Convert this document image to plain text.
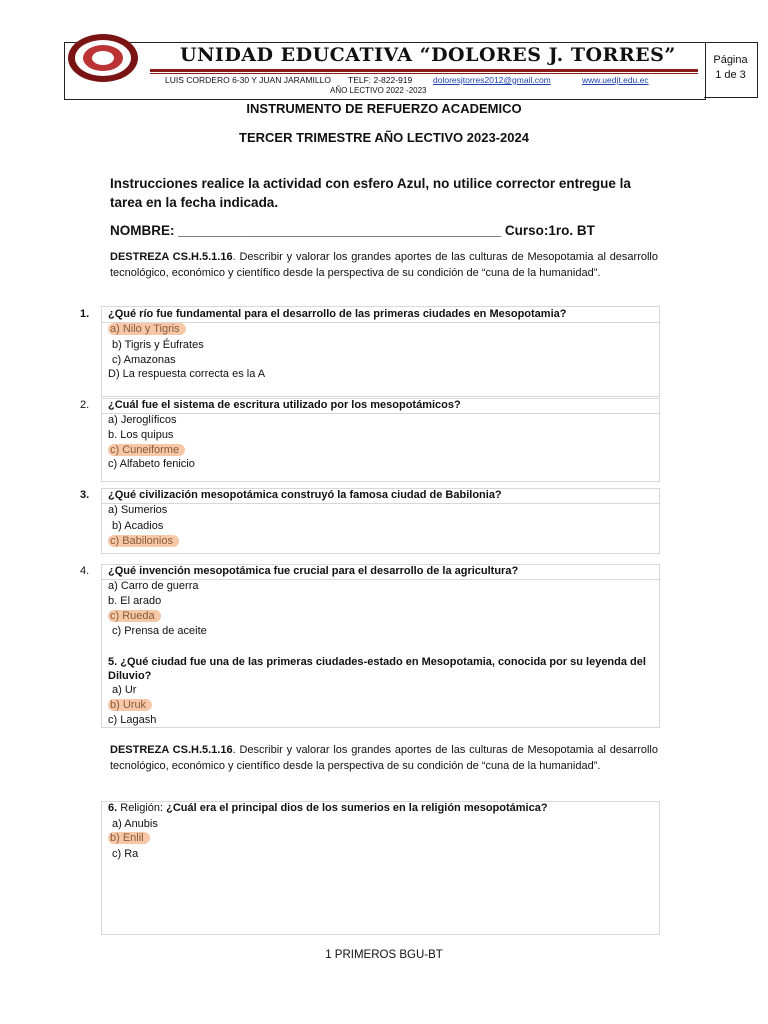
Página
1 de 3
UNIDAD EDUCATIVA “DOLORES J. TORRES”
LUIS CORDERO 6-30 Y JUAN JARAMILLO TELF: 2-822-919 doloresjtorres2012@gmail.com	www.uedjt.edu.ec
AÑO LECTIVO 2022 -2023
INSTRUMENTO DE REFUERZO ACADEMICO
TERCER TRIMESTRE AÑO LECTIVO 2023-2024
Instrucciones realice la actividad con esfero Azul, no utilice corrector entregue la tarea en la fecha indicada.
NOMBRE: ___________________________________________ Curso:1ro. BT
DESTREZA CS.H.5.1.16. Describir y valorar los grandes aportes de las culturas de Mesopotamia al desarrollo tecnológico, económico y científico desde la perspectiva de su condición de “cuna de la humanidad”.
1. ¿Qué río fue fundamental para el desarrollo de las primeras ciudades en Mesopotamia?
a) Nilo y Tigris
b) Tigris y Éufrates
c) Amazonas
D) La respuesta correcta es la A
2. ¿Cuál fue el sistema de escritura utilizado por los mesopotámicos?
a) Jeroglíficos
b. Los quipus
c) Cuneiforme
c) Alfabeto fenicio
3. ¿Qué civilización mesopotámica construyó la famosa ciudad de Babilonia?
a) Sumerios
b) Acadios
c) Babilonios
4. ¿Qué invención mesopotámica fue crucial para el desarrollo de la agricultura?
a) Carro de guerra
b. El arado
c) Rueda
c) Prensa de aceite
5. ¿Qué ciudad fue una de las primeras ciudades-estado en Mesopotamia, conocida por su leyenda del Diluvio?
a) Ur
b) Uruk
c) Lagash
DESTREZA CS.H.5.1.16. Describir y valorar los grandes aportes de las culturas de Mesopotamia al desarrollo tecnológico, económico y científico desde la perspectiva de su condición de “cuna de la humanidad”.
6. Religión: ¿Cuál era el principal dios de los sumerios en la religión mesopotámica?
a) Anubis
b) Enlil
c) Ra
1 PRIMEROS BGU-BT
